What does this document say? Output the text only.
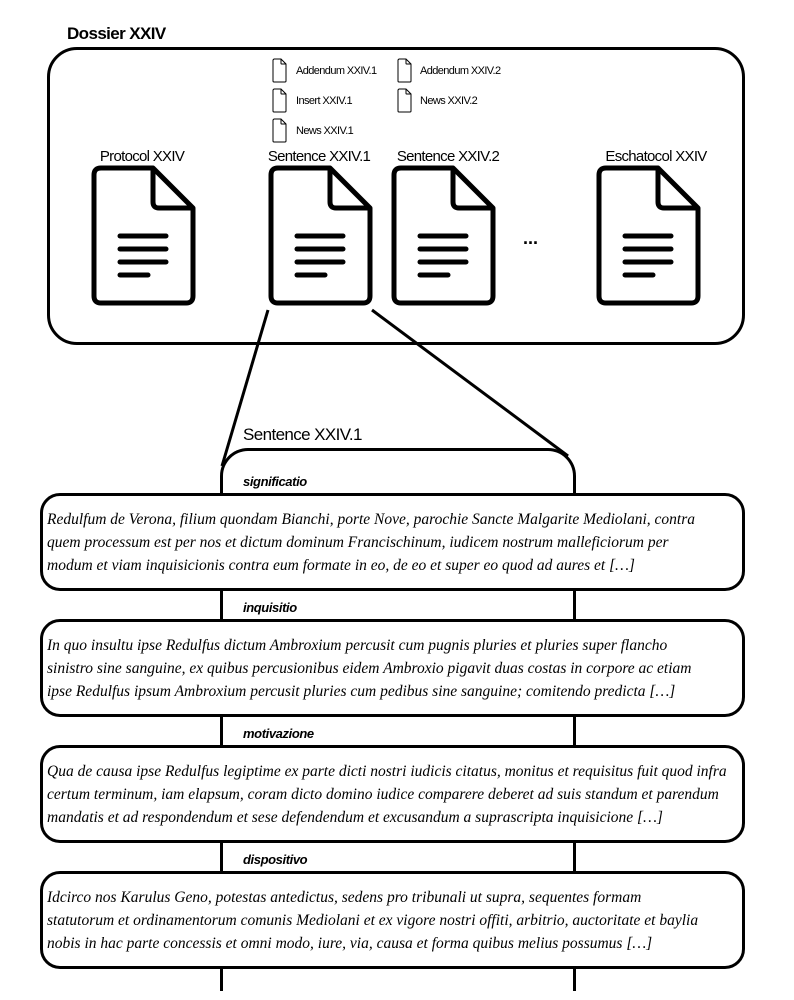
Dossier XXIV
Addendum XXIV.1
Insert XXIV.1
News XXIV.1
Addendum XXIV.2
News XXIV.2
Protocol XXIV	Sentence XXIV.1 Sentence XXIV.2	Eschatocol XXIV
...
Sentence XXIV.1
significatio
Redulfum de Verona, filium quondam Bianchi, porte Nove, parochie Sancte Malgarite Mediolani, contra
quem processum est per nos et dictum dominum Francischinum, iudicem nostrum malleficiorum per
modum et viam inquisicionis contra eum formate in eo, de eo et super eo quod ad aures et […]
inquisitio
In quo insultu ipse Redulfus dictum Ambroxium percusit cum pugnis pluries et pluries super flancho
sinistro sine sanguine, ex quibus percusionibus eidem Ambroxio pigavit duas costas in corpore ac etiam
ipse Redulfus ipsum Ambroxium percusit pluries cum pedibus sine sanguine; comitendo predicta […]
motivazione
Qua de causa ipse Redulfus legiptime ex parte dicti nostri iudicis citatus, monitus et requisitus fuit quod infra
certum terminum, iam elapsum, coram dicto domino iudice comparere deberet ad suis standum et parendum
mandatis et ad respondendum et sese defendendum et excusandum a suprascripta inquisicione […]
dispositivo
Idcirco nos Karulus Geno, potestas antedictus, sedens pro tribunali ut supra, sequentes formam
statutorum et ordinamentorum comunis Mediolani et ex vigore nostri offiti, arbitrio, auctoritate et baylia
nobis in hac parte concessis et omni modo, iure, via, causa et forma quibus melius possumus […]
